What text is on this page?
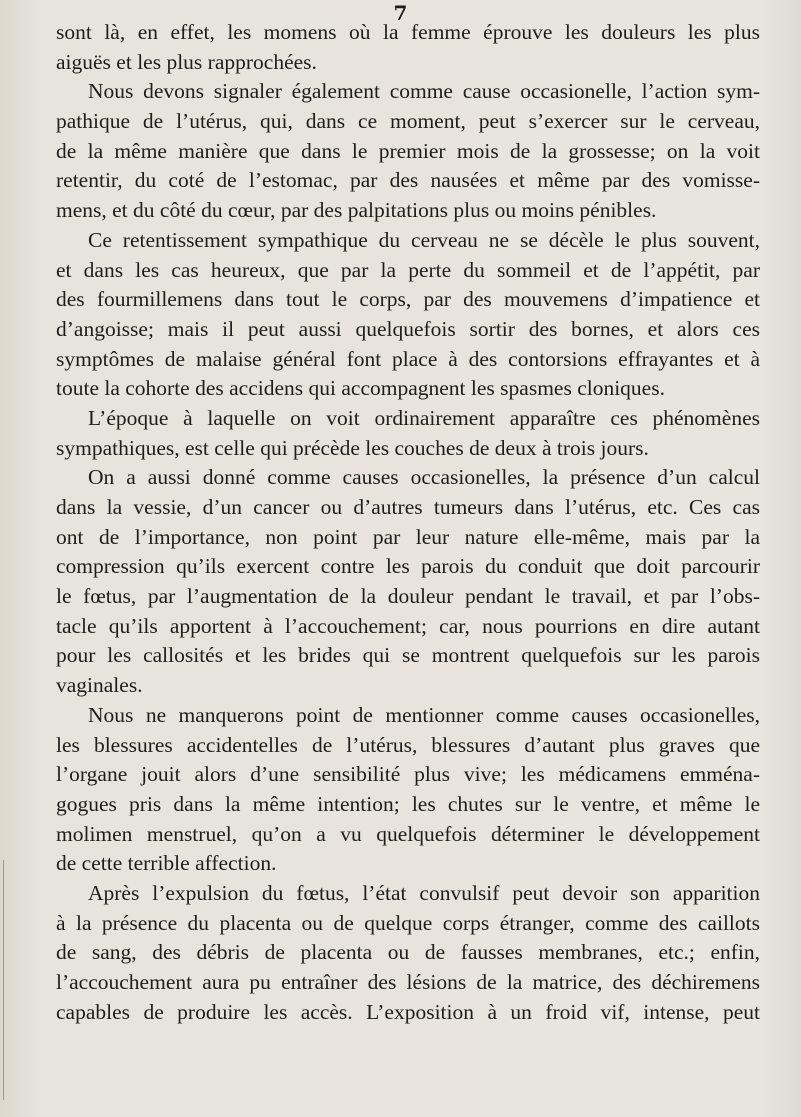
7
sont là, en effet, les momens où la femme éprouve les douleurs les plus
aiguës et les plus rapprochées.
Nous devons signaler également comme cause occasionelle, l’action sym-
pathique de l’utérus, qui, dans ce moment, peut s’exercer sur le cerveau,
de la même manière que dans le premier mois de la grossesse; on la voit
retentir, du coté de l’estomac, par des nausées et même par des vomisse-
mens, et du côté du cœur, par des palpitations plus ou moins pénibles.
Ce retentissement sympathique du cerveau ne se décèle le plus souvent,
et dans les cas heureux, que par la perte du sommeil et de l’appétit, par
des fourmillemens dans tout le corps, par des mouvemens d’impatience et
d’angoisse; mais il peut aussi quelquefois sortir des bornes, et alors ces
symptômes de malaise général font place à des contorsions effrayantes et à
toute la cohorte des accidens qui accompagnent les spasmes cloniques.
L’époque à laquelle on voit ordinairement apparaître ces phénomènes
sympathiques, est celle qui précède les couches de deux à trois jours.
On a aussi donné comme causes occasionelles, la présence d’un calcul
dans la vessie, d’un cancer ou d’autres tumeurs dans l’utérus, etc. Ces cas
ont de l’importance, non point par leur nature elle-même, mais par la
compression qu’ils exercent contre les parois du conduit que doit parcourir
le fœtus, par l’augmentation de la douleur pendant le travail, et par l’obs-
tacle qu’ils apportent à l’accouchement; car, nous pourrions en dire autant
pour les callosités et les brides qui se montrent quelquefois sur les parois
vaginales.
Nous ne manquerons point de mentionner comme causes occasionelles,
les blessures accidentelles de l’utérus, blessures d’autant plus graves que
l’organe jouit alors d’une sensibilité plus vive; les médicamens emména-
gogues pris dans la même intention; les chutes sur le ventre, et même le
molimen menstruel, qu’on a vu quelquefois déterminer le développement
de cette terrible affection.
Après l’expulsion du fœtus, l’état convulsif peut devoir son apparition
à la présence du placenta ou de quelque corps étranger, comme des caillots
de sang, des débris de placenta ou de fausses membranes, etc.; enfin,
l’accouchement aura pu entraîner des lésions de la matrice, des déchiremens
capables de produire les accès. L’exposition à un froid vif, intense, peut
